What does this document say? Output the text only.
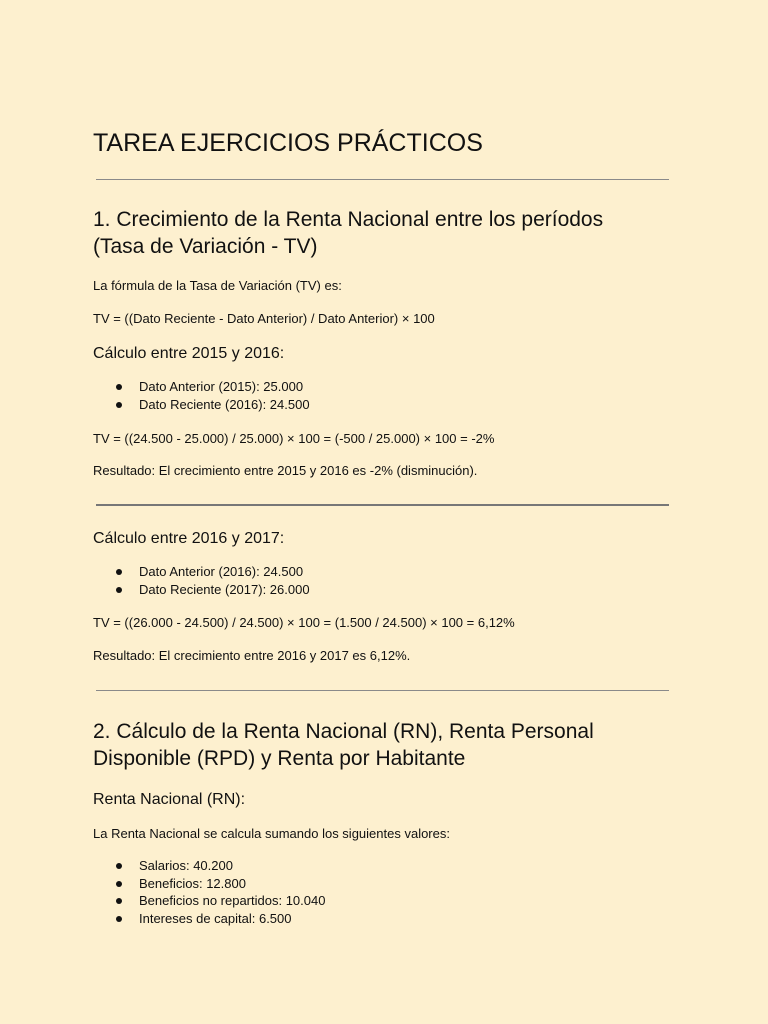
TAREA EJERCICIOS PRÁCTICOS
1. Crecimiento de la Renta Nacional entre los períodos
(Tasa de Variación - TV)

La fórmula de la Tasa de Variación (TV) es:

TV = ((Dato Reciente - Dato Anterior) / Dato Anterior) × 100

Cálculo entre 2015 y 2016:
Dato Anterior (2015): 25.000
Dato Reciente (2016): 24.500

TV = ((24.500 - 25.000) / 25.000) × 100 = (-500 / 25.000) × 100 = -2%

Resultado: El crecimiento entre 2015 y 2016 es -2% (disminución).

Cálculo entre 2016 y 2017:
Dato Anterior (2016): 24.500
Dato Reciente (2017): 26.000

TV = ((26.000 - 24.500) / 24.500) × 100 = (1.500 / 24.500) × 100 = 6,12%

Resultado: El crecimiento entre 2016 y 2017 es 6,12%.

2. Cálculo de la Renta Nacional (RN), Renta Personal
Disponible (RPD) y Renta por Habitante
Renta Nacional (RN):

La Renta Nacional se calcula sumando los siguientes valores:

Salarios: 40.200
Beneficios: 12.800
Beneficios no repartidos: 10.040
Intereses de capital: 6.500
